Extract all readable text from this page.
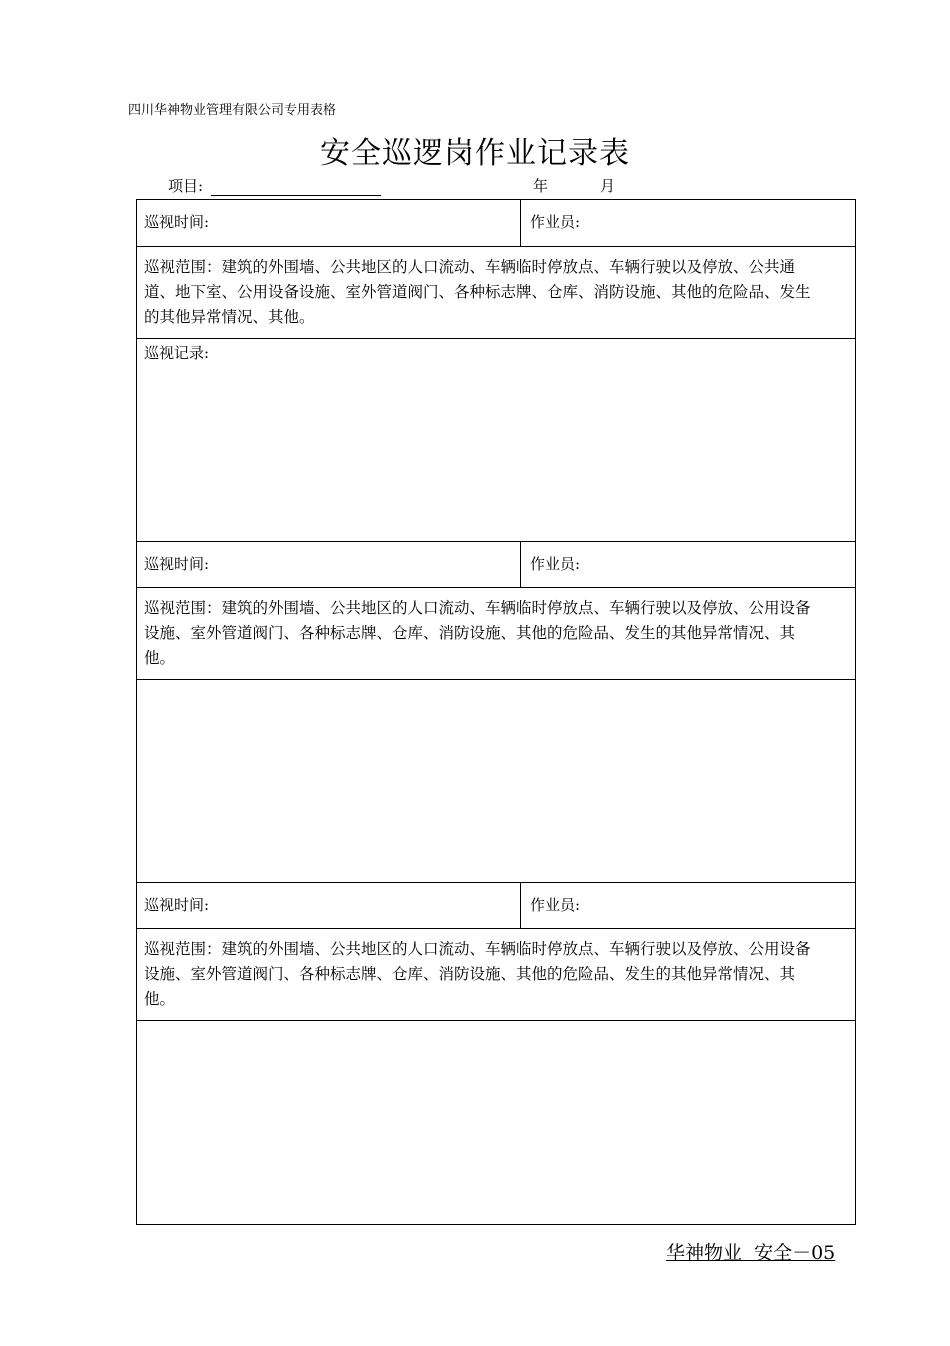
四川华神物业管理有限公司专用表格
安全巡逻岗作业记录表
项目:	年	月
巡视时间:	作业员:
巡视范围：建筑的外围墙、公共地区的人口流动、车辆临时停放点、车辆行驶以及停放、公共通道、地下室、公用设备设施、室外管道阀门、各种标志牌、仓库、消防设施、其他的危险品、发生的其他异常情况、其他。
巡视记录:
巡视时间:	作业员:
巡视范围：建筑的外围墙、公共地区的人口流动、车辆临时停放点、车辆行驶以及停放、公用设备设施、室外管道阀门、各种标志牌、仓库、消防设施、其他的危险品、发生的其他异常情况、其他。
巡视时间:	作业员:
巡视范围：建筑的外围墙、公共地区的人口流动、车辆临时停放点、车辆行驶以及停放、公用设备设施、室外管道阀门、各种标志牌、仓库、消防设施、其他的危险品、发生的其他异常情况、其他。
华神物业  安全－05
